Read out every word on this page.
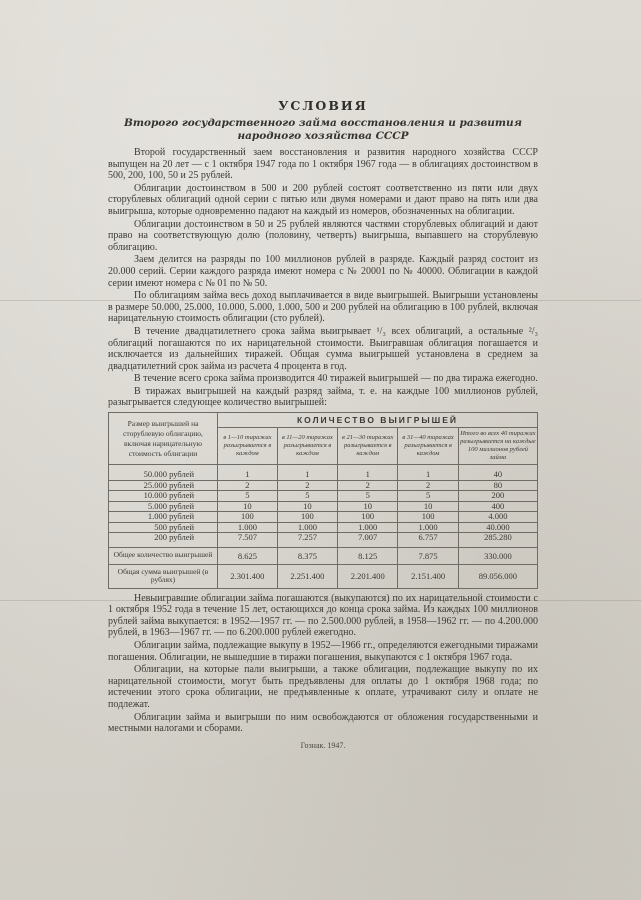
УСЛОВИЯ
Второго государственного займа восстановления и развития
народного хозяйства СССР

Второй государственный заем восстановления и развития народного хозяйства СССР выпущен на 20 лет — с 1 октября 1947 года по 1 октября 1967 года — в облигациях достоинством в 500, 200, 100, 50 и 25 рублей.

Облигации достоинством в 500 и 200 рублей состоят соответственно из пяти или двух сторублевых облигаций одной серии с пятью или двумя номерами и дают право на пять или два выигрыша, которые одновременно падают на каждый из номеров, обозначенных на облигации.

Облигации достоинством в 50 и 25 рублей являются частями сторублевых облигаций и дают право на соответствующую долю (половину, четверть) выигрыша, выпавшего на сторублевую облигацию.

Заем делится на разряды по 100 миллионов рублей в разряде. Каждый разряд состоит из 20.000 серий. Серии каждого разряда имеют номера с № 20001 по № 40000. Облигации в каждой серии имеют номера с № 01 по № 50.

По облигациям займа весь доход выплачивается в виде выигрышей. Выигрыши установлены в размере 50.000, 25.000, 10.000, 5.000, 1.000, 500 и 200 рублей на облигацию в 100 рублей, включая нарицательную стоимость облигации (сто рублей).

В течение двадцатилетнего срока займа выигрывает ¹/₃ всех облигаций, а остальные ²/₃ облигаций погашаются по их нарицательной стоимости. Выигравшая облигация погашается и исключается из дальнейших тиражей. Общая сумма выигрышей установлена в среднем за двадцатилетний срок займа из расчета 4 процента в год.

В течение всего срока займа производится 40 тиражей выигрышей — по два тиража ежегодно.

В тиражах выигрышей на каждый разряд займа, т. е. на каждые 100 миллионов рублей, разыгрывается следующее количество выигрышей:

Размер выигрышей на сторублевую облигацию, включая нарицательную стоимость облигации	КОЛИЧЕСТВО ВЫИГРЫШЕЙ				
	в 1—10 тиражах разыгрывается в каждом	в 11—20 тиражах разыгрывается в каждом	в 21—30 тиражах разыгрывается в каждом	в 31—40 тиражах разыгрывается в каждом	Итого во всех 40 тиражах разыгрывается на каждые 100 миллионов рублей займа
50.000 рублей	1	1	1	1	40
25.000 рублей	2	2	2	2	80
10.000 рублей	5	5	5	5	200
5.000 рублей	10	10	10	10	400
1.000 рублей	100	100	100	100	4.000
500 рублей	1.000	1.000	1.000	1.000	40.000
200 рублей	7.507	7.257	7.007	6.757	285.280
Общее количество выигрышей	8.625	8.375	8.125	7.875	330.000
Общая сумма выигрышей (в рублях)	2.301.400	2.251.400	2.201.400	2.151.400	89.056.000

Невыигравшие облигации займа погашаются (выкупаются) по их нарицательной стоимости с 1 октября 1952 года в течение 15 лет, остающихся до конца срока займа. Из каждых 100 миллионов рублей займа выкупается: в 1952—1957 гг. — по 2.500.000 рублей, в 1958—1962 гг. — по 4.200.000 рублей, в 1963—1967 гг. — по 6.200.000 рублей ежегодно.

Облигации займа, подлежащие выкупу в 1952—1966 гг., определяются ежегодными тиражами погашения. Облигации, не вышедшие в тиражи погашения, выкупаются с 1 октября 1967 года.

Облигации, на которые пали выигрыши, а также облигации, подлежащие выкупу по их нарицательной стоимости, могут быть предъявлены для оплаты до 1 октября 1968 года; по истечении этого срока облигации, не предъявленные к оплате, утрачивают силу и оплате не подлежат.

Облигации займа и выигрыши по ним освобождаются от обложения государственными и местными налогами и сборами.

Гознак. 1947.
